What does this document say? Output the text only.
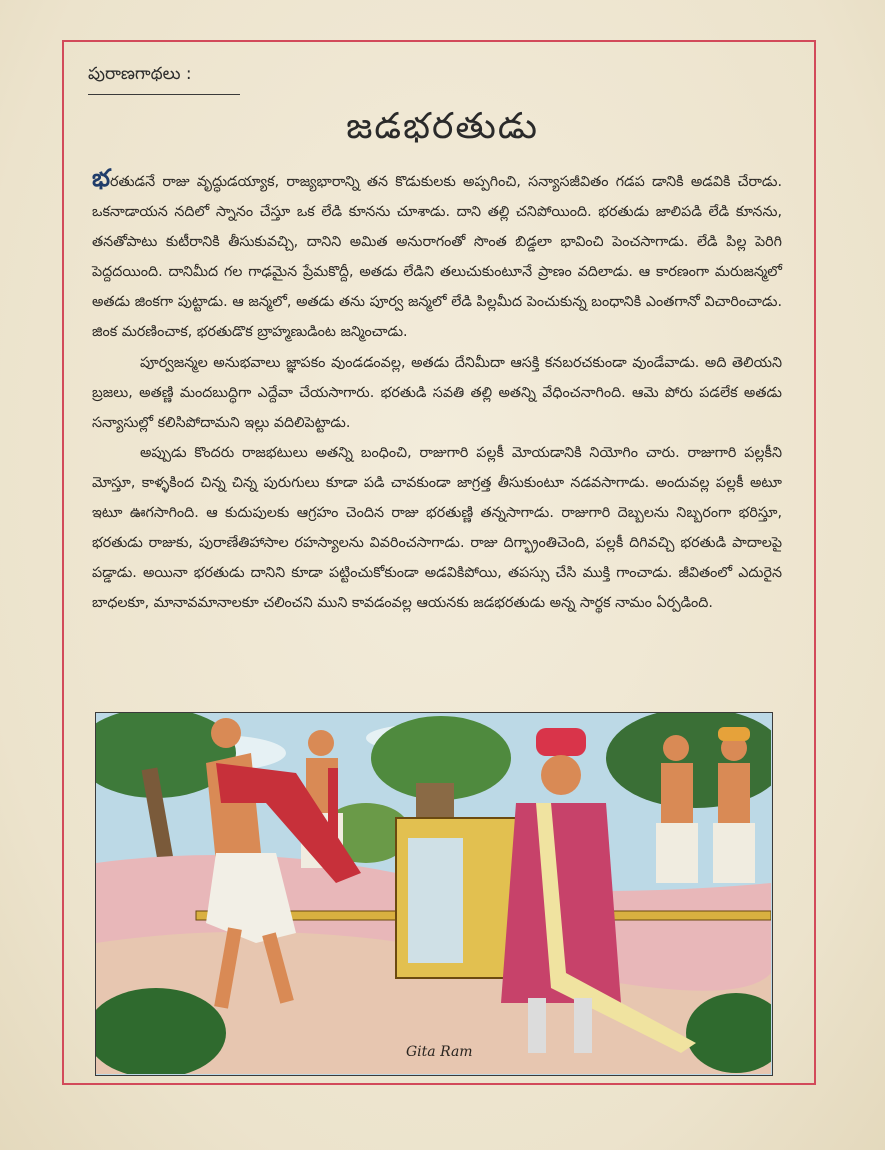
పురాణగాథలు :
జడభరతుడు

భరతుడనే రాజు వృద్ధుడయ్యాక, రాజ్యభారాన్ని తన కొడుకులకు అప్పగించి, సన్యాసజీవితం గడప డానికి అడవికి చేరాడు. ఒకనాడాయన నదిలో స్నానం చేస్తూ ఒక లేడి కూనను చూశాడు. దాని తల్లి చనిపోయింది. భరతుడు జాలిపడి లేడి కూనను, తనతోపాటు కుటీరానికి తీసుకువచ్చి, దానిని అమిత అనురాగంతో సొంత బిడ్డలా భావించి పెంచసాగాడు. లేడి పిల్ల పెరిగి పెద్దదయింది. దానిమీద గల గాఢమైన ప్రేమకొద్దీ, అతడు లేడిని తలుచుకుంటూనే ప్రాణం వదిలాడు. ఆ కారణంగా మరుజన్మలో అతడు జింకగా పుట్టాడు. ఆ జన్మలో, అతడు తను పూర్వ జన్మలో లేడి పిల్లమీద పెంచుకున్న బంధానికి ఎంతగానో విచారించాడు. జింక మరణించాక, భరతుడొక బ్రాహ్మణుడింట జన్మించాడు.

పూర్వజన్మల అనుభవాలు జ్ఞాపకం వుండడంవల్ల, అతడు దేనిమీదా ఆసక్తి కనబరచకుండా వుండేవాడు. అది తెలియని బ్రజలు, అతణ్ణి మందబుద్ధిగా ఎద్దేవా చేయసాగారు. భరతుడి సవతి తల్లి అతన్ని వేధించనాగింది. ఆమె పోరు పడలేక అతడు సన్యాసుల్లో కలిసిపోదామని ఇల్లు వదిలిపెట్టాడు.

అప్పుడు కొందరు రాజభటులు అతన్ని బంధించి, రాజుగారి పల్లకీ మోయడానికి నియోగిం చారు. రాజుగారి పల్లకీని మోస్తూ, కాళ్ళకింద చిన్న చిన్న పురుగులు కూడా పడి చావకుండా జాగ్రత్త తీసుకుంటూ నడవసాగాడు. అందువల్ల పల్లకీ అటూ ఇటూ ఊగసాగింది. ఆ కుదుపులకు ఆగ్రహం చెందిన రాజు భరతుణ్ణి తన్నసాగాడు. రాజుగారి దెబ్బలను నిబ్బరంగా భరిస్తూ, భరతుడు రాజుకు, పురాణేతిహాసాల రహస్యాలను వివరించసాగాడు. రాజు దిగ్భ్రాంతిచెంది, పల్లకీ దిగివచ్చి భరతుడి పాదాలపై పడ్డాడు. అయినా భరతుడు దానిని కూడా పట్టించుకోకుండా అడవికిపోయి, తపస్సు చేసి ముక్తి గాంచాడు. జీవితంలో ఎదురైన బాధలకూ, మానావమానాలకూ చలించని ముని కావడంవల్ల ఆయనకు జడభరతుడు అన్న సార్థక నామం ఏర్పడింది.

Gita Ram
